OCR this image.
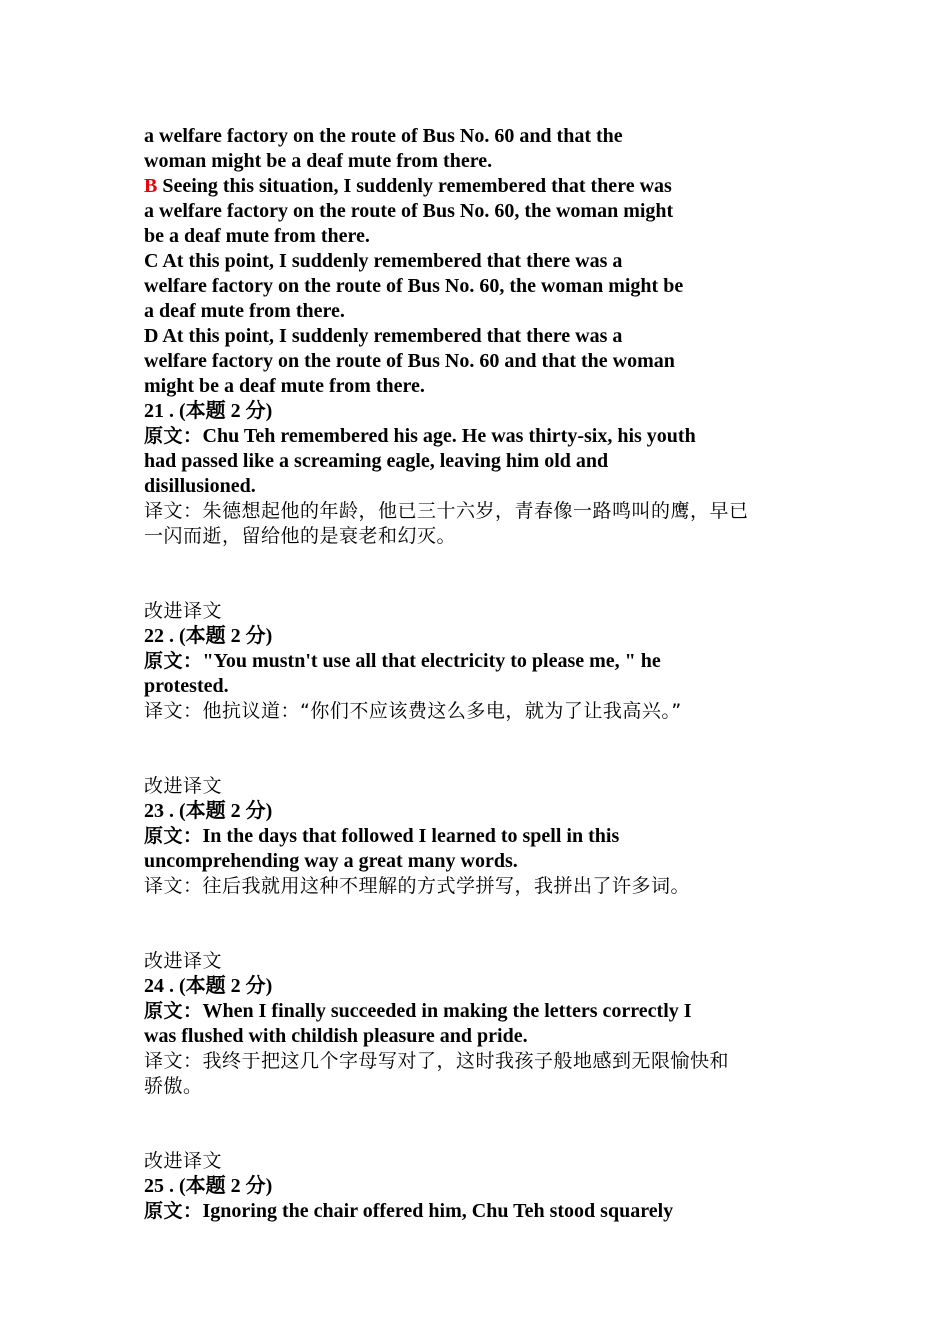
a welfare factory on the route of Bus No. 60 and that the
woman might be a deaf mute from there.
B Seeing this situation, I suddenly remembered that there was
a welfare factory on the route of Bus No. 60, the woman might
be a deaf mute from there.
C At this point, I suddenly remembered that there was a
welfare factory on the route of Bus No. 60, the woman might be
a deaf mute from there.
D At this point, I suddenly remembered that there was a
welfare factory on the route of Bus No. 60 and that the woman
might be a deaf mute from there.
21 . (本题 2 分)
原文：Chu Teh remembered his age. He was thirty-six, his youth
had passed like a screaming eagle, leaving him old and
disillusioned.
译文：朱德想起他的年龄，他已三十六岁，青春像一路鸣叫的鹰，早已
一闪而逝，留给他的是衰老和幻灭。
改进译文
22 . (本题 2 分)
原文："You mustn't use all that electricity to please me, " he
protested.
译文：他抗议道：“你们不应该费这么多电，就为了让我高兴。”
改进译文
23 . (本题 2 分)
原文：In the days that followed I learned to spell in this
uncomprehending way a great many words.
译文：往后我就用这种不理解的方式学拼写，我拼出了许多词。
改进译文
24 . (本题 2 分)
原文：When I finally succeeded in making the letters correctly I
was flushed with childish pleasure and pride.
译文：我终于把这几个字母写对了，这时我孩子般地感到无限愉快和
骄傲。
改进译文
25 . (本题 2 分)
原文：Ignoring the chair offered him, Chu Teh stood squarely
